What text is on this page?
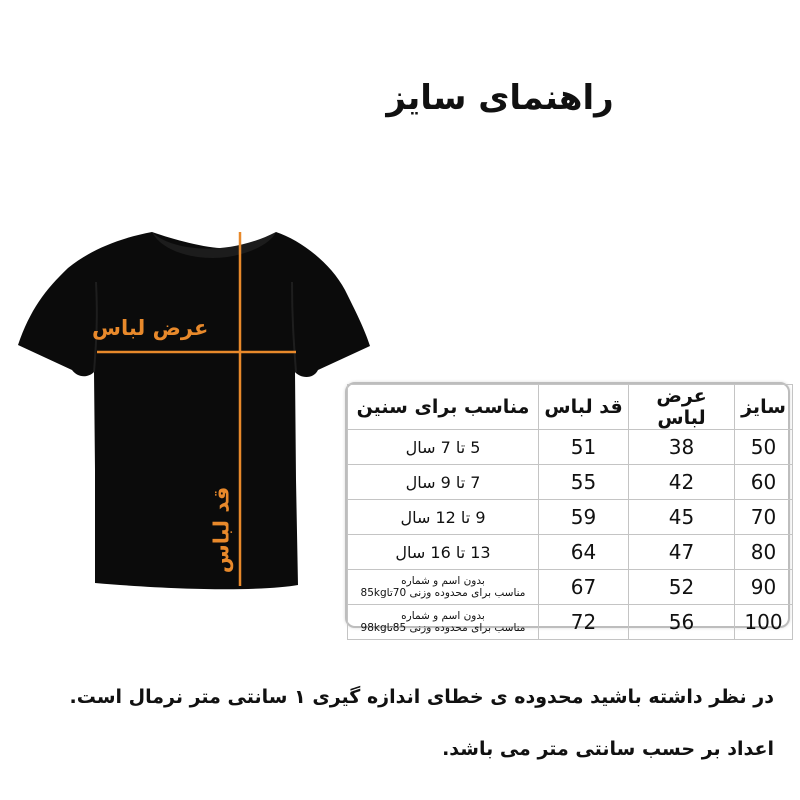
راهنمای سایز
عرض لباس
قد لباس
سایز	عرض لباس	قد لباس	مناسب برای سنین
50	38	51	5 تا 7 سال
60	42	55	7 تا 9 سال
70	45	59	9 تا 12 سال
80	47	64	13 تا 16 سال
90	52	67	بدون اسم و شماره
مناسب برای محدوده وزنی 70تا85kg

100	56	72	بدون اسم و شماره
مناسب برای محدوده وزنی 85تا98kg
در نظر داشته باشید محدوده ی خطای اندازه گیری ۱ سانتی متر نرمال است.
اعداد بر حسب سانتی متر می باشد.
